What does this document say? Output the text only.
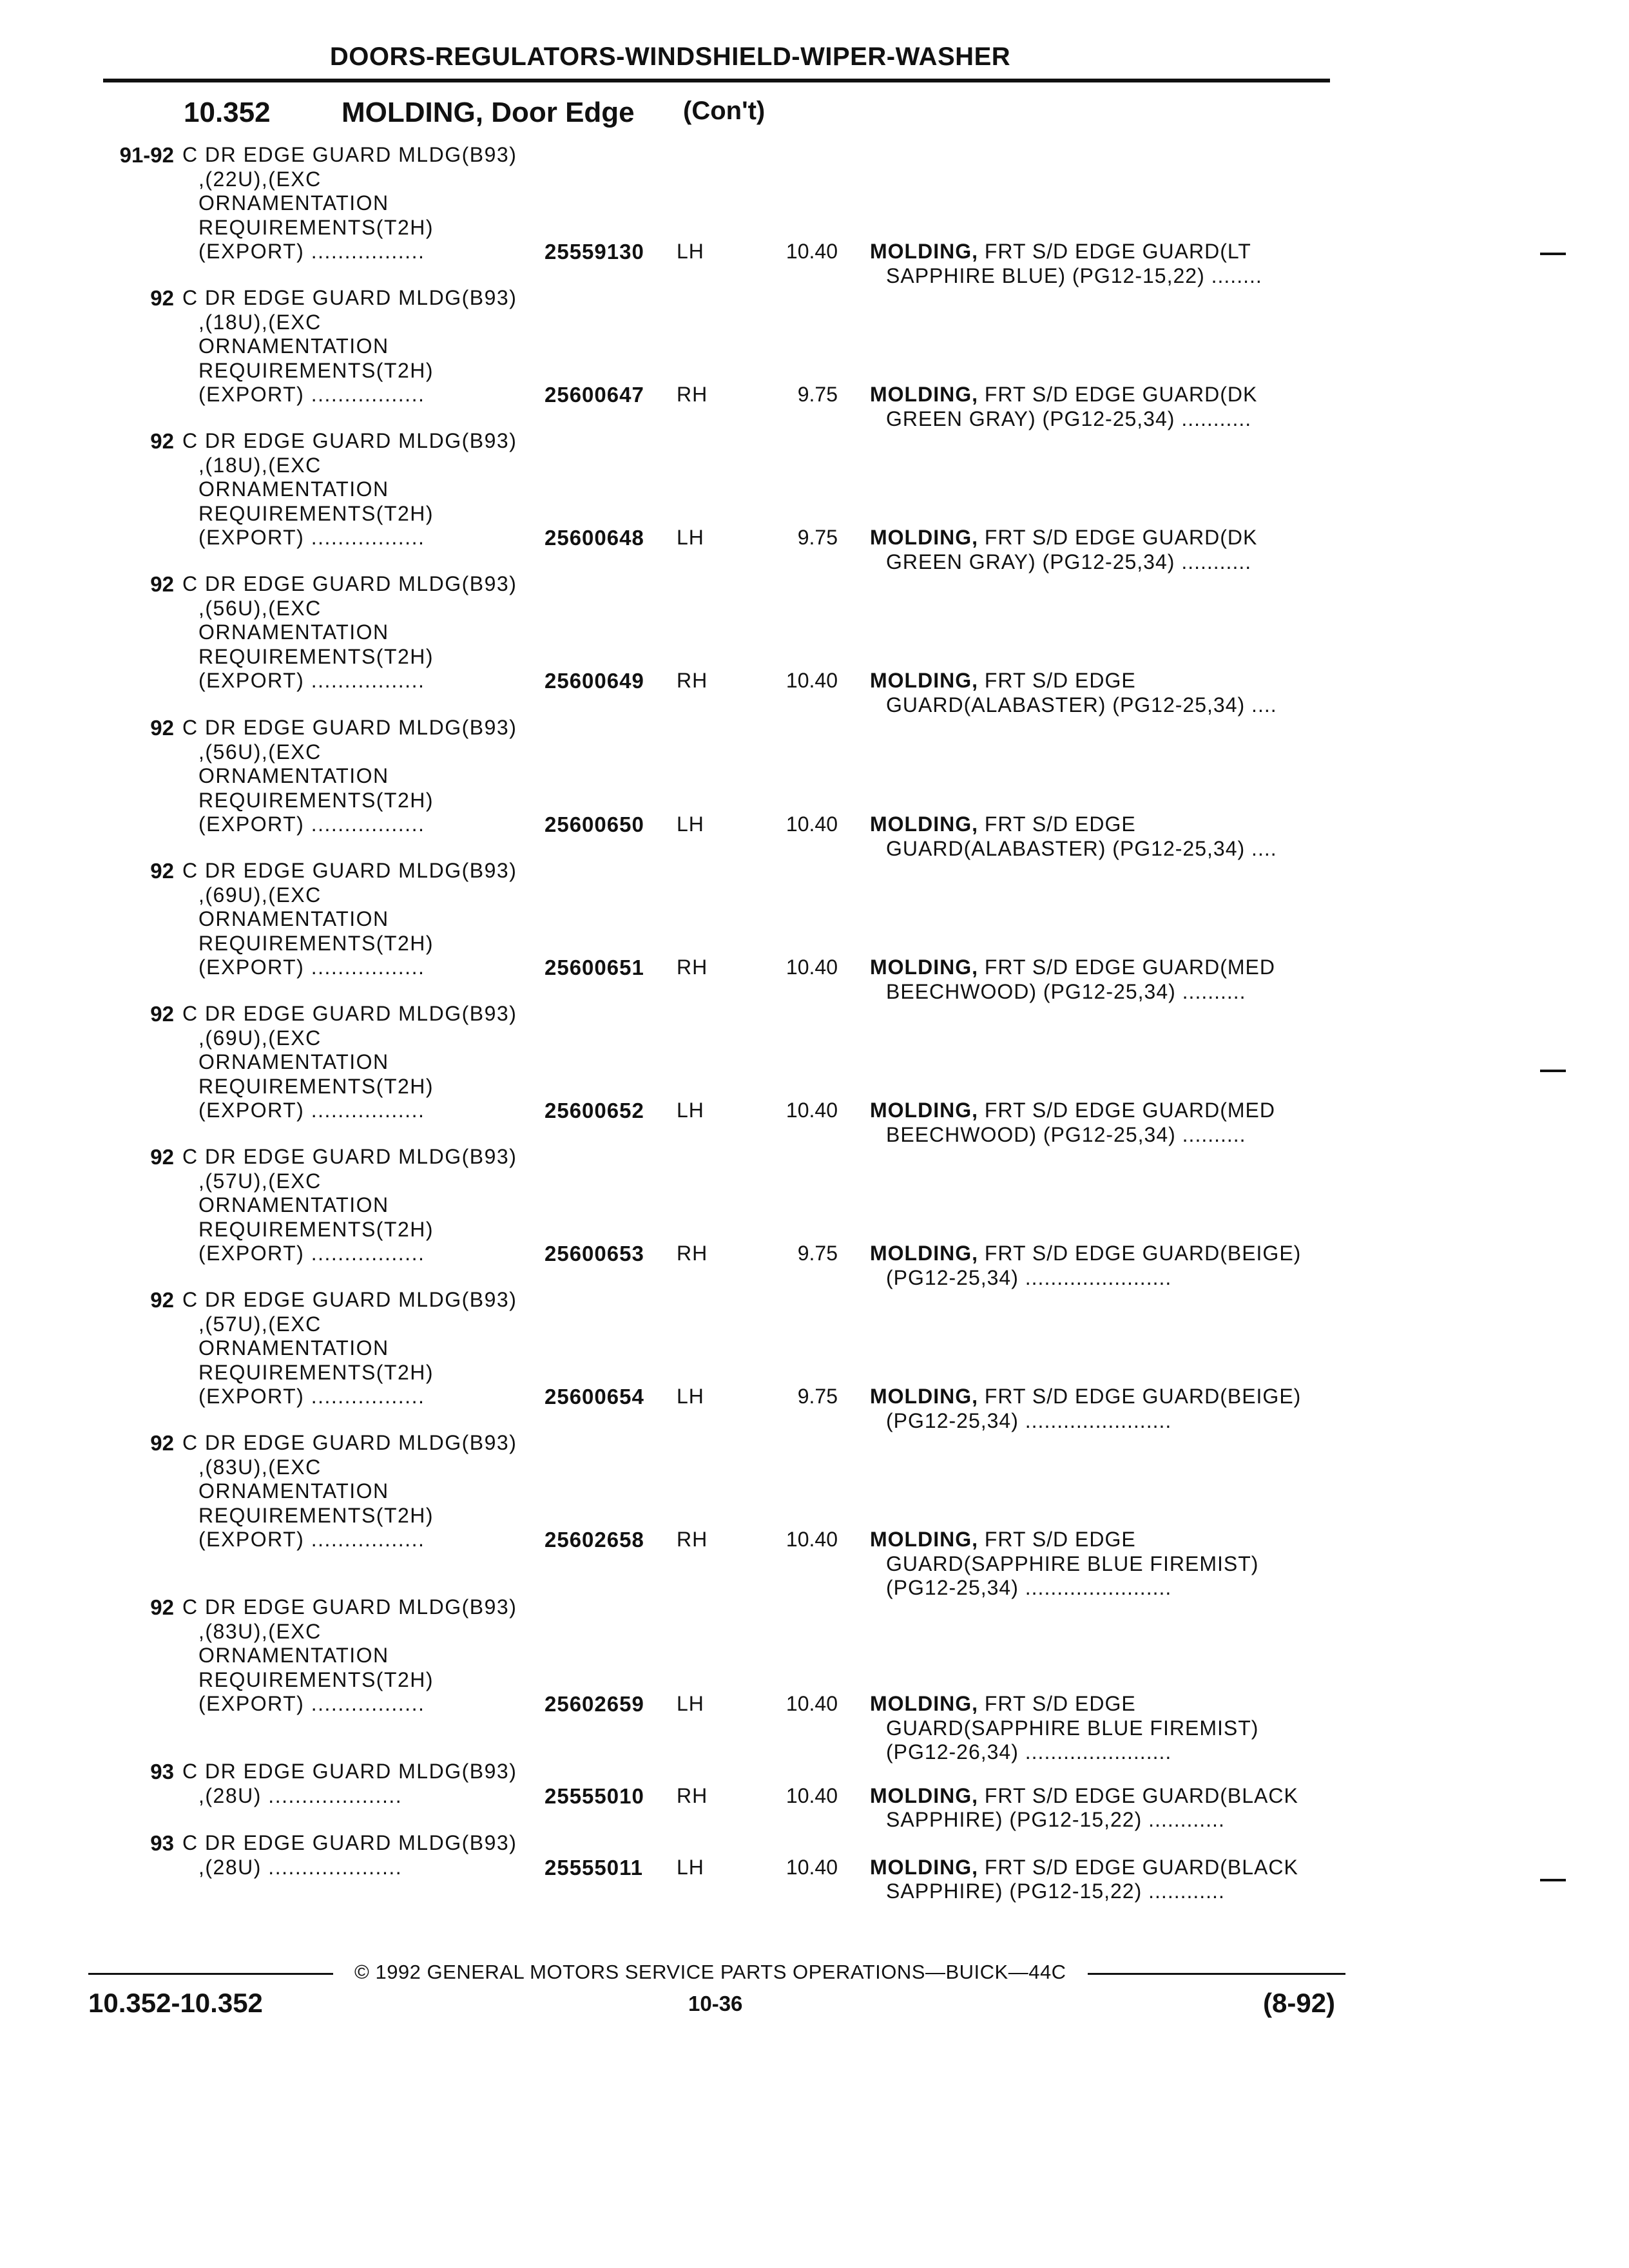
DOORS-REGULATORS-WINDSHIELD-WIPER-WASHER
10.352	MOLDING, Door Edge (Con't)
91-92 C DR EDGE GUARD MLDG(B93)
,(22U),(EXC
ORNAMENTATION
REQUIREMENTS(T2H)
(EXPORT) .................	25559130 LH	10.40 MOLDING, FRT S/D EDGE GUARD(LT
SAPPHIRE BLUE) (PG12-15,22) ........
92 C DR EDGE GUARD MLDG(B93)
,(18U),(EXC
ORNAMENTATION
REQUIREMENTS(T2H)
(EXPORT) .................	25600647 RH	9.75 MOLDING, FRT S/D EDGE GUARD(DK
GREEN GRAY) (PG12-25,34) ...........
92 C DR EDGE GUARD MLDG(B93)
,(18U),(EXC
ORNAMENTATION
REQUIREMENTS(T2H)
(EXPORT) .................	25600648 LH	9.75 MOLDING, FRT S/D EDGE GUARD(DK
GREEN GRAY) (PG12-25,34) ...........
92 C DR EDGE GUARD MLDG(B93)
,(56U),(EXC
ORNAMENTATION
REQUIREMENTS(T2H)
(EXPORT) .................	25600649 RH	10.40 MOLDING, FRT S/D EDGE
GUARD(ALABASTER) (PG12-25,34) ....
92 C DR EDGE GUARD MLDG(B93)
,(56U),(EXC
ORNAMENTATION
REQUIREMENTS(T2H)
(EXPORT) .................	25600650 LH	10.40 MOLDING, FRT S/D EDGE
GUARD(ALABASTER) (PG12-25,34) ....
92 C DR EDGE GUARD MLDG(B93)
,(69U),(EXC
ORNAMENTATION
REQUIREMENTS(T2H)
(EXPORT) .................	25600651 RH	10.40 MOLDING, FRT S/D EDGE GUARD(MED
BEECHWOOD) (PG12-25,34) ..........
92 C DR EDGE GUARD MLDG(B93)
,(69U),(EXC
ORNAMENTATION
REQUIREMENTS(T2H)
(EXPORT) .................	25600652 LH	10.40 MOLDING, FRT S/D EDGE GUARD(MED
BEECHWOOD) (PG12-25,34) ..........
92 C DR EDGE GUARD MLDG(B93)
,(57U),(EXC
ORNAMENTATION
REQUIREMENTS(T2H)
(EXPORT) .................	25600653 RH	9.75 MOLDING, FRT S/D EDGE GUARD(BEIGE)
(PG12-25,34) .......................
92 C DR EDGE GUARD MLDG(B93)
,(57U),(EXC
ORNAMENTATION
REQUIREMENTS(T2H)
(EXPORT) .................	25600654 LH	9.75 MOLDING, FRT S/D EDGE GUARD(BEIGE)
(PG12-25,34) .......................
92 C DR EDGE GUARD MLDG(B93)
,(83U),(EXC
ORNAMENTATION
REQUIREMENTS(T2H)
(EXPORT) .................	25602658 RH	10.40 MOLDING, FRT S/D EDGE
GUARD(SAPPHIRE BLUE FIREMIST)
(PG12-25,34) .......................
92 C DR EDGE GUARD MLDG(B93)
,(83U),(EXC
ORNAMENTATION
REQUIREMENTS(T2H)
(EXPORT) .................	25602659 LH	10.40 MOLDING, FRT S/D EDGE
GUARD(SAPPHIRE BLUE FIREMIST)
(PG12-26,34) .......................
93 C DR EDGE GUARD MLDG(B93)
,(28U) ....................	25555010 RH	10.40 MOLDING, FRT S/D EDGE GUARD(BLACK
SAPPHIRE) (PG12-15,22) ............
93 C DR EDGE GUARD MLDG(B93)
,(28U) ....................	25555011 LH	10.40 MOLDING, FRT S/D EDGE GUARD(BLACK
SAPPHIRE) (PG12-15,22) ............
© 1992 GENERAL MOTORS SERVICE PARTS OPERATIONS—BUICK—44C
10.352-10.352	10-36	(8-92)
